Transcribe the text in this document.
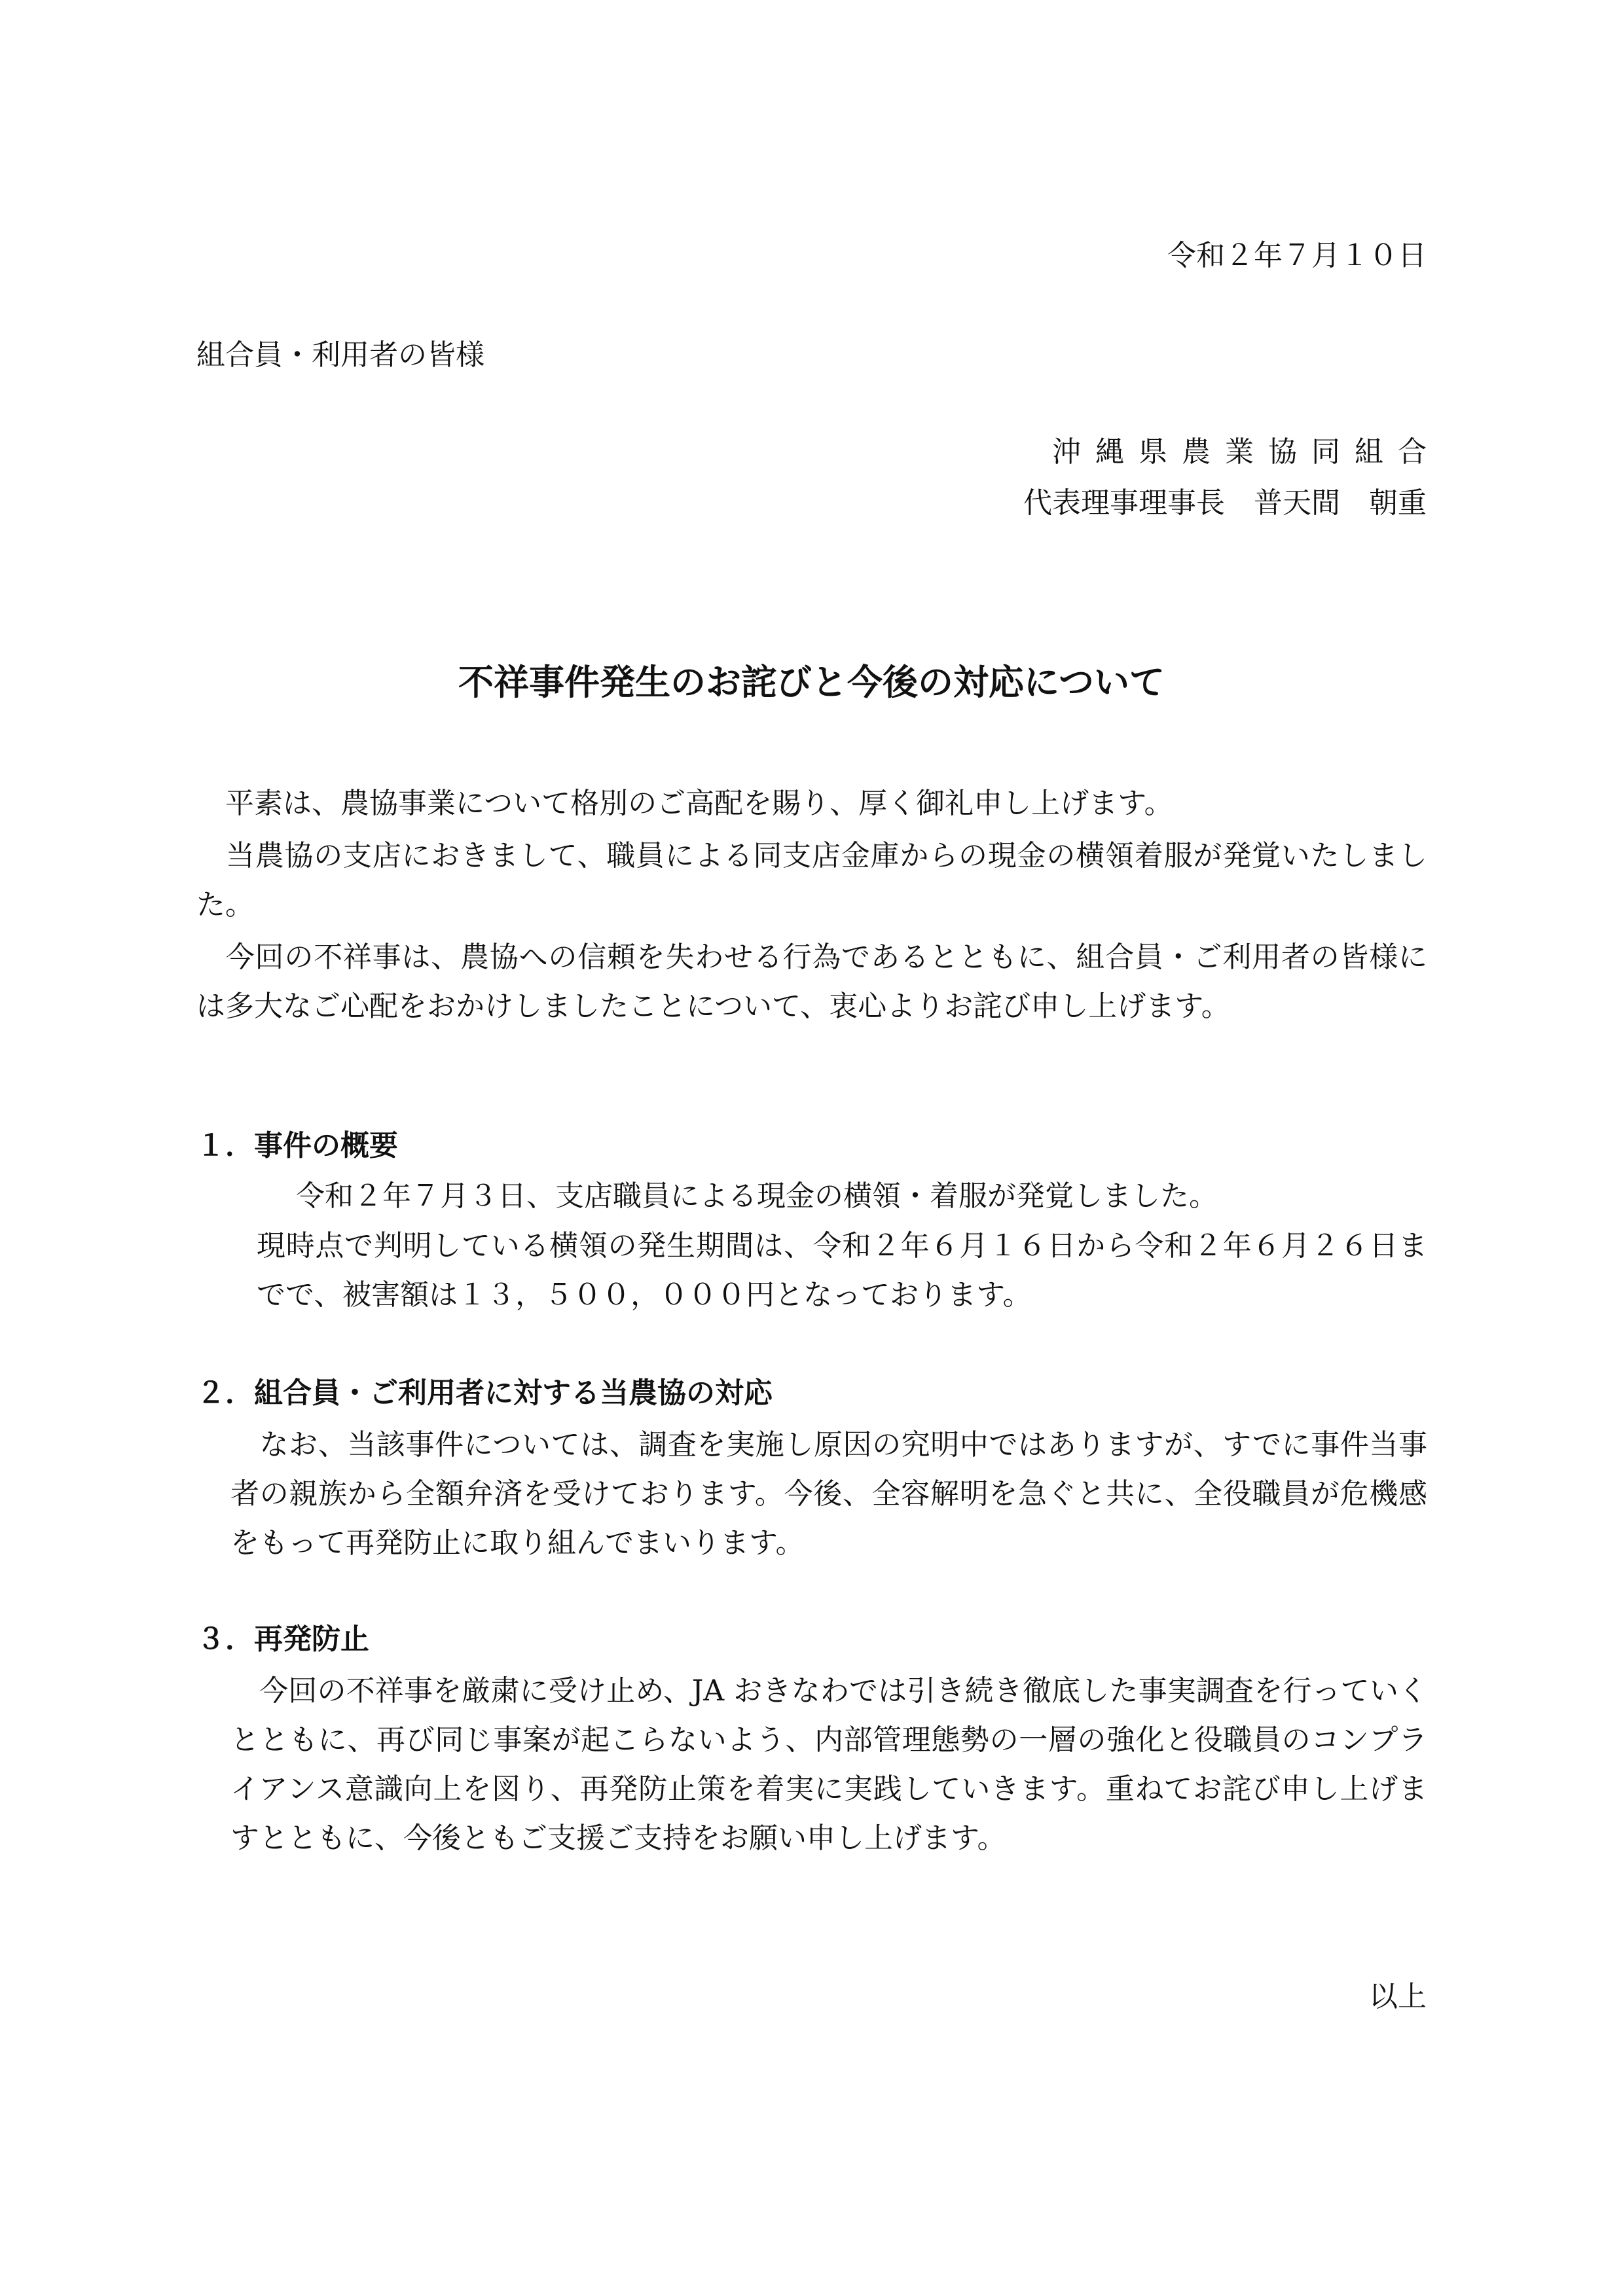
令和２年７月１０日

組合員・利用者の皆様

沖縄県農業協同組合

代表理事理事長　普天間　朝重

不祥事件発生のお詫びと今後の対応について

　平素は、農協事業について格別のご高配を賜り、厚く御礼申し上げます。

　当農協の支店におきまして、職員による同支店金庫からの現金の横領着服が発覚いたしました。

　今回の不祥事は、農協への信頼を失わせる行為であるとともに、組合員・ご利用者の皆様には多大なご心配をおかけしましたことについて、衷心よりお詫び申し上げます。

１．事件の概要

令和２年７月３日、支店職員による現金の横領・着服が発覚しました。

現時点で判明している横領の発生期間は、令和２年６月１６日から令和２年６月２６日までで、被害額は１３，５００，０００円となっております。

２．組合員・ご利用者に対する当農協の対応

　なお、当該事件については、調査を実施し原因の究明中ではありますが、すでに事件当事者の親族から全額弁済を受けております。今後、全容解明を急ぐと共に、全役職員が危機感をもって再発防止に取り組んでまいります。

３．再発防止

　今回の不祥事を厳粛に受け止め、JA おきなわでは引き続き徹底した事実調査を行っていくとともに、再び同じ事案が起こらないよう、内部管理態勢の一層の強化と役職員のコンプライアンス意識向上を図り、再発防止策を着実に実践していきます。重ねてお詫び申し上げますとともに、今後ともご支援ご支持をお願い申し上げます。

以上
